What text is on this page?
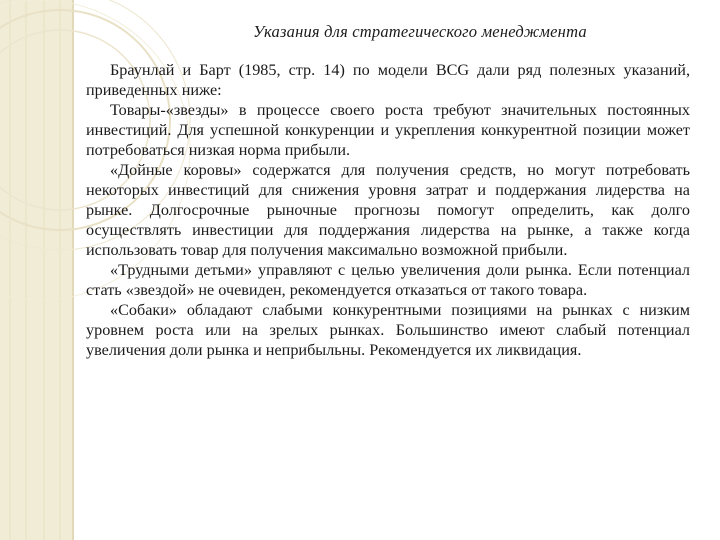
Указания для стратегического менеджмента

Браунлай и Барт (1985, стр. 14) по модели BCG дали ряд полезных указаний, приведенных ниже:

Товары-«звезды» в процессе своего роста требуют значительных постоянных инвестиций. Для успешной конкуренции и укрепления конкурентной позиции может потребоваться низкая норма прибыли.

«Дойные коровы» содержатся для получения средств, но могут потребовать некоторых инвестиций для снижения уровня затрат и поддержания лидерства на рынке. Долгосрочные рыночные прогнозы помогут определить, как долго осуществлять инвестиции для поддержания лидерства на рынке, а также когда использовать товар для получения максимально возможной прибыли.

«Трудными детьми» управляют с целью увеличения доли рынка. Если потенциал стать «звездой» не очевиден, рекомендуется отказаться от такого товара.

«Собаки» обладают слабыми конкурентными позициями на рынках с низким уровнем роста или на зрелых рынках. Большинство имеют слабый потенциал увеличения доли рынка и неприбыльны. Рекомендуется их ликвидация.
